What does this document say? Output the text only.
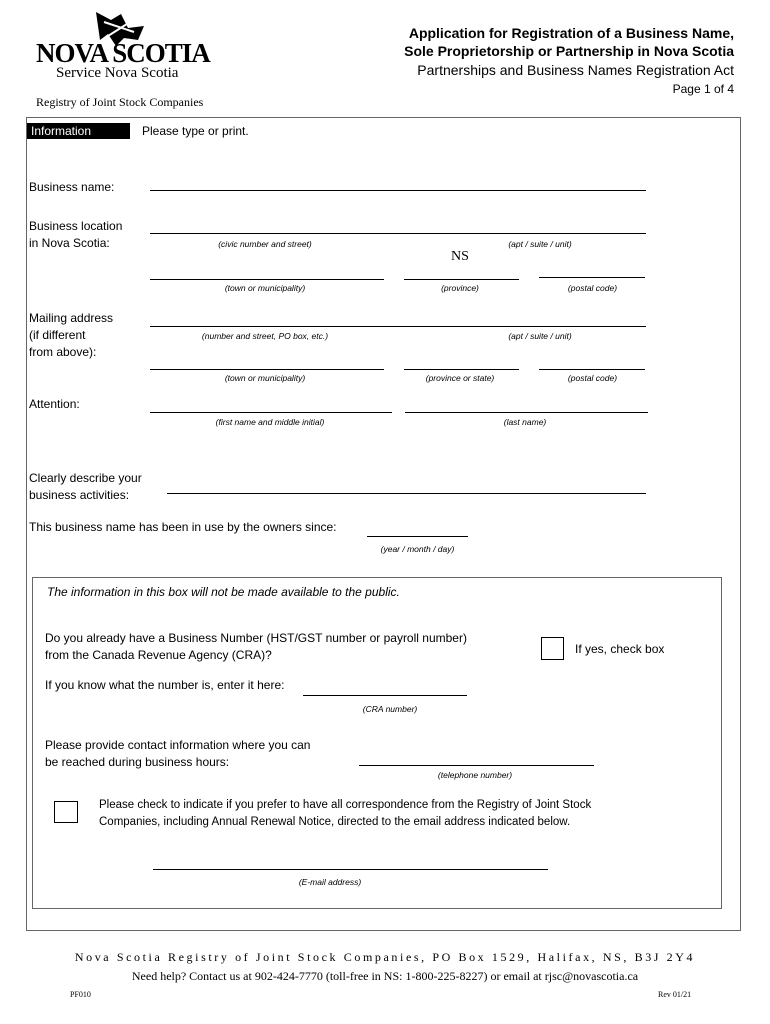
NOVA SCOTIA
Service Nova Scotia
Registry of Joint Stock Companies
Application for Registration of a Business Name,
Sole Proprietorship or Partnership in Nova Scotia
Partnerships and Business Names Registration Act
Page 1 of 4
Information	Please type or print.
Business name:
Business location
in Nova Scotia:	(civic number and street)	(apt / suite / unit)
NS
(town or municipality)	(province)	(postal code)
Mailing address
(if different
from above):
(number and street, PO box, etc.)	(apt / suite / unit)
(town or municipality)	(province or state)	(postal code)
Attention:
(first name and middle initial)	(last name)
Clearly describe your
business activities:
This business name has been in use by the owners since:
(year / month / day)
The information in this box will not be made available to the public.
Do you already have a Business Number (HST/GST number or payroll number)
from the Canada Revenue Agency (CRA)?	If yes, check box
If you know what the number is, enter it here:
(CRA number)
Please provide contact information where you can
be reached during business hours:
(telephone number)
Please check to indicate if you prefer to have all correspondence from the Registry of Joint Stock
Companies, including Annual Renewal Notice, directed to the email address indicated below.
(E-mail address)
Nova Scotia Registry of Joint Stock Companies, PO Box 1529, Halifax, NS, B3J 2Y4
Need help? Contact us at 902-424-7770 (toll-free in NS: 1-800-225-8227) or email at rjsc@novascotia.ca
PF010	Rev 01/21
